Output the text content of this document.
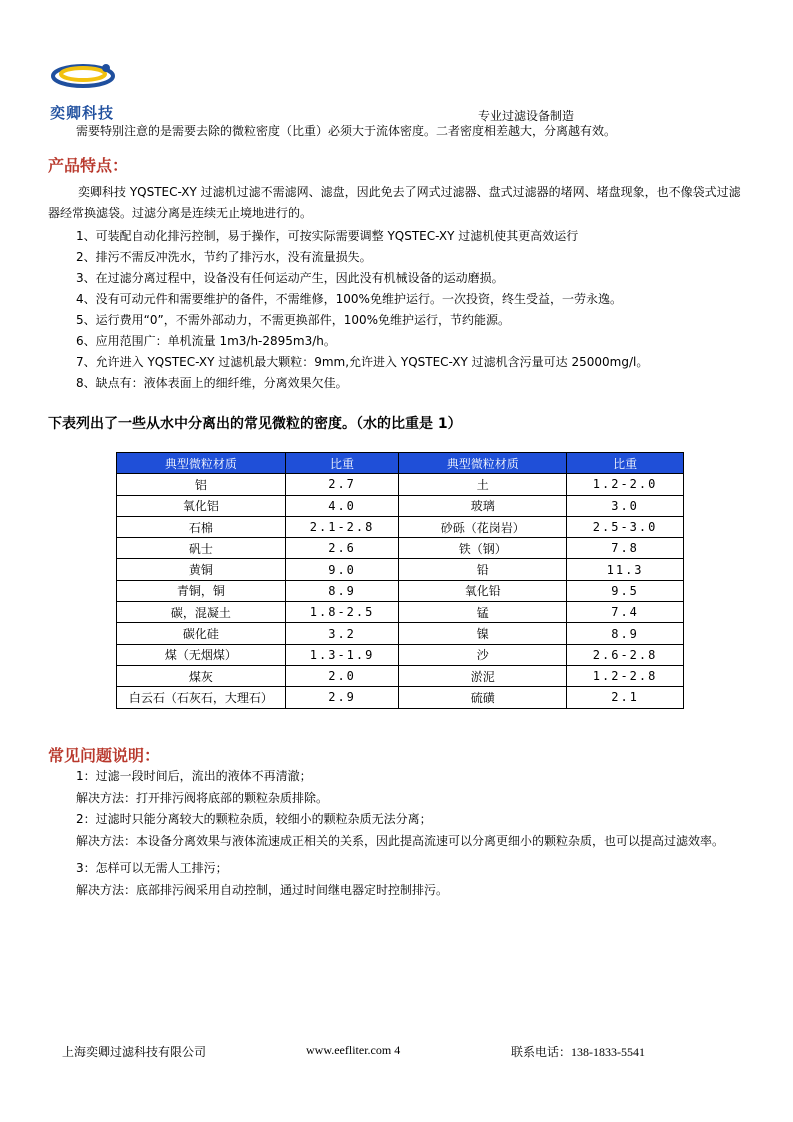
奕卿科技	专业过滤设备制造
需要特别注意的是需要去除的微粒密度（比重）必须大于流体密度。二者密度相差越大，分离越有效。
产品特点：
奕卿科技 YQSTEC-XY 过滤机过滤不需滤网、滤盘，因此免去了网式过滤器、盘式过滤器的堵网、堵盘现象，也不像袋式过滤器经常换滤袋。过滤分离是连续无止境地进行的。
1、可装配自动化排污控制，易于操作，可按实际需要调整 YQSTEC-XY 过滤机使其更高效运行
2、排污不需反冲洗水，节约了排污水，没有流量损失。
3、在过滤分离过程中，设备没有任何运动产生，因此没有机械设备的运动磨损。
4、没有可动元件和需要维护的备件，不需维修，100%免维护运行。一次投资，终生受益，一劳永逸。
5、运行费用“0”，不需外部动力，不需更换部件，100%免维护运行，节约能源。
6、应用范围广：单机流量 1m3/h-2895m3/h。
7、允许进入 YQSTEC-XY 过滤机最大颗粒：9mm,允许进入 YQSTEC-XY 过滤机含污量可达 25000mg/l。
8、缺点有：液体表面上的细纤维，分离效果欠佳。
下表列出了一些从水中分离出的常见微粒的密度。（水的比重是 1）
典型微粒材质	比重	典型微粒材质	比重
铝	2.7	土	1.2-2.0
氧化铝	4.0	玻璃	3.0
石棉	2.1-2.8	砂砾（花岗岩）	2.5-3.0
矾士	2.6	铁（钢）	7.8
黄铜	9.0	铅	11.3
青铜，铜	8.9	氧化铅	9.5
碳，混凝土	1.8-2.5	锰	7.4
碳化硅	3.2	镍	8.9
煤（无烟煤）	1.3-1.9	沙	2.6-2.8
煤灰	2.0	淤泥	1.2-2.8
白云石（石灰石，大理石）	2.9	硫磺	2.1
常见问题说明：
1：过滤一段时间后，流出的液体不再清澈；
解决方法：打开排污阀将底部的颗粒杂质排除。
2：过滤时只能分离较大的颗粒杂质，较细小的颗粒杂质无法分离；
解决方法：本设备分离效果与液体流速成正相关的关系，因此提高流速可以分离更细小的颗粒杂质，也可以提高过滤效率。
3：怎样可以无需人工排污；
解决方法：底部排污阀采用自动控制，通过时间继电器定时控制排污。
上海奕卿过滤科技有限公司	www.eefliter.com 4	联系电话：138-1833-5541
